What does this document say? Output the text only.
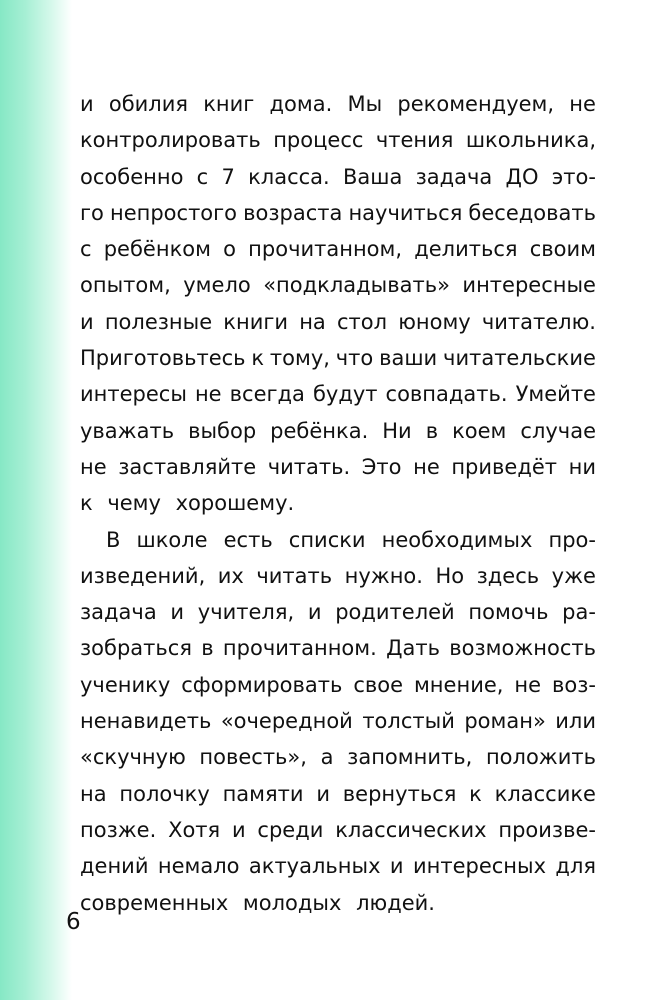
и обилия книг дома. Мы рекомендуем, не
контролировать процесс чтения школьника,
особенно с 7 класса. Ваша задача ДО это-
го непростого возраста научиться беседовать
с ребёнком о прочитанном, делиться своим
опытом, умело «подкладывать» интересные
и полезные книги на стол юному читателю.
Приготовьтесь к тому, что ваши читательские
интересы не всегда будут совпадать. Умейте
уважать выбор ребёнка. Ни в коем случае
не заставляйте читать. Это не приведёт ни
к чему хорошему.
В школе есть списки необходимых про-
изведений, их читать нужно. Но здесь уже
задача и учителя, и родителей помочь ра-
зобраться в прочитанном. Дать возможность
ученику сформировать свое мнение, не воз-
ненавидеть «очередной толстый роман» или
«скучную повесть», а запомнить, положить
на полочку памяти и вернуться к классике
позже. Хотя и среди классических произве-
дений немало актуальных и интересных для
современных молодых людей.
6
